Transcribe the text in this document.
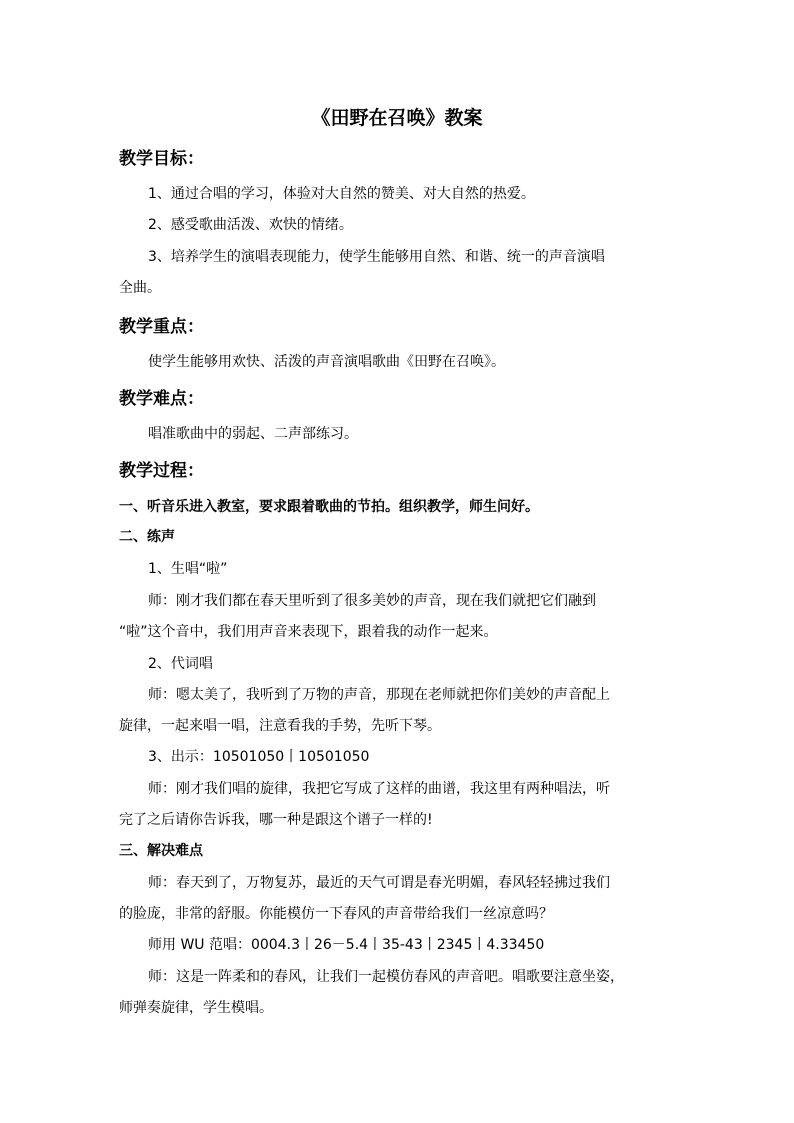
《田野在召唤》教案
教学目标：
1、通过合唱的学习，体验对大自然的赞美、对大自然的热爱。
2、感受歌曲活泼、欢快的情绪。
3、培养学生的演唱表现能力，使学生能够用自然、和谐、统一的声音演唱
全曲。
教学重点：
使学生能够用欢快、活泼的声音演唱歌曲《田野在召唤》。
教学难点：
唱准歌曲中的弱起、二声部练习。
教学过程：
一、听音乐进入教室，要求跟着歌曲的节拍。组织教学，师生问好。
二、练声
1、生唱“啦”
师：刚才我们都在春天里听到了很多美妙的声音，现在我们就把它们融到
“啦”这个音中，我们用声音来表现下，跟着我的动作一起来。
2、代词唱
师：嗯太美了，我听到了万物的声音，那现在老师就把你们美妙的声音配上
旋律，一起来唱一唱，注意看我的手势，先听下琴。
3、出示：10501050丨10501050
师：刚才我们唱的旋律，我把它写成了这样的曲谱，我这里有两种唱法，听
完了之后请你告诉我，哪一种是跟这个谱子一样的!
三、解决难点
师：春天到了，万物复苏，最近的天气可谓是春光明媚，春风轻轻拂过我们
的脸庞，非常的舒服。你能模仿一下春风的声音带给我们一丝凉意吗？
师用 WU 范唱：0004.3丨26－5.4丨35-43丨2345丨4.33450
师：这是一阵柔和的春风，让我们一起模仿春风的声音吧。唱歌要注意坐姿，
师弹奏旋律，学生模唱。
